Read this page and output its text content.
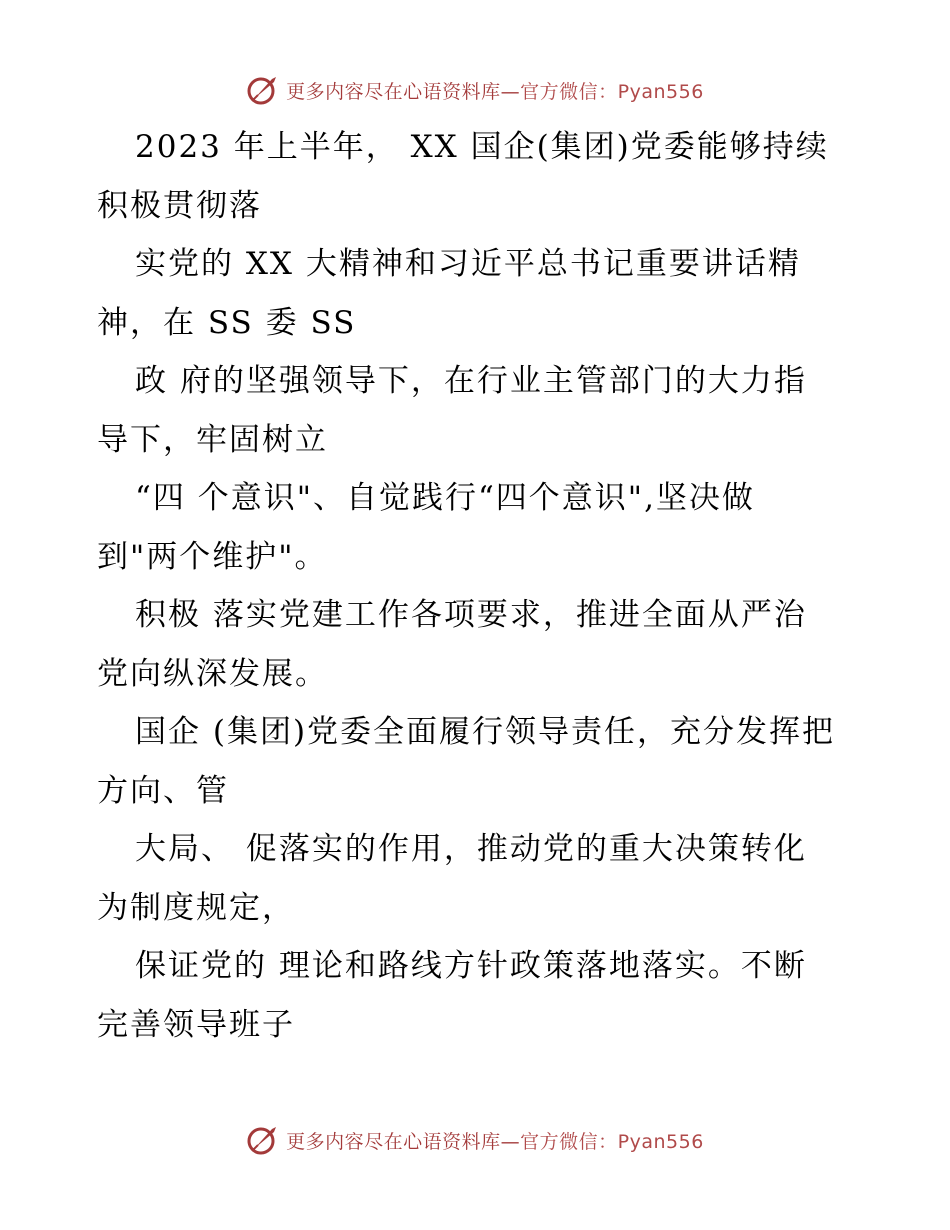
更多内容尽在心语资料库—官方微信：Pyan556

2023 年上半年， XX 国企(集团)党委能够持续积极贯彻落

实党的 XX 大精神和习近平总书记重要讲话精神，在 SS 委 SS

政 府的坚强领导下，在行业主管部门的大力指导下，牢固树立

“四 个意识"、自觉践行“四个意识",坚决做到"两个维护"。

积极 落实党建工作各项要求，推进全面从严治党向纵深发展。

国企 (集团)党委全面履行领导责任，充分发挥把方向、管

大局、 促落实的作用，推动党的重大决策转化为制度规定，

保证党的 理论和路线方针政策落地落实。不断完善领导班子

更多内容尽在心语资料库—官方微信：Pyan556
